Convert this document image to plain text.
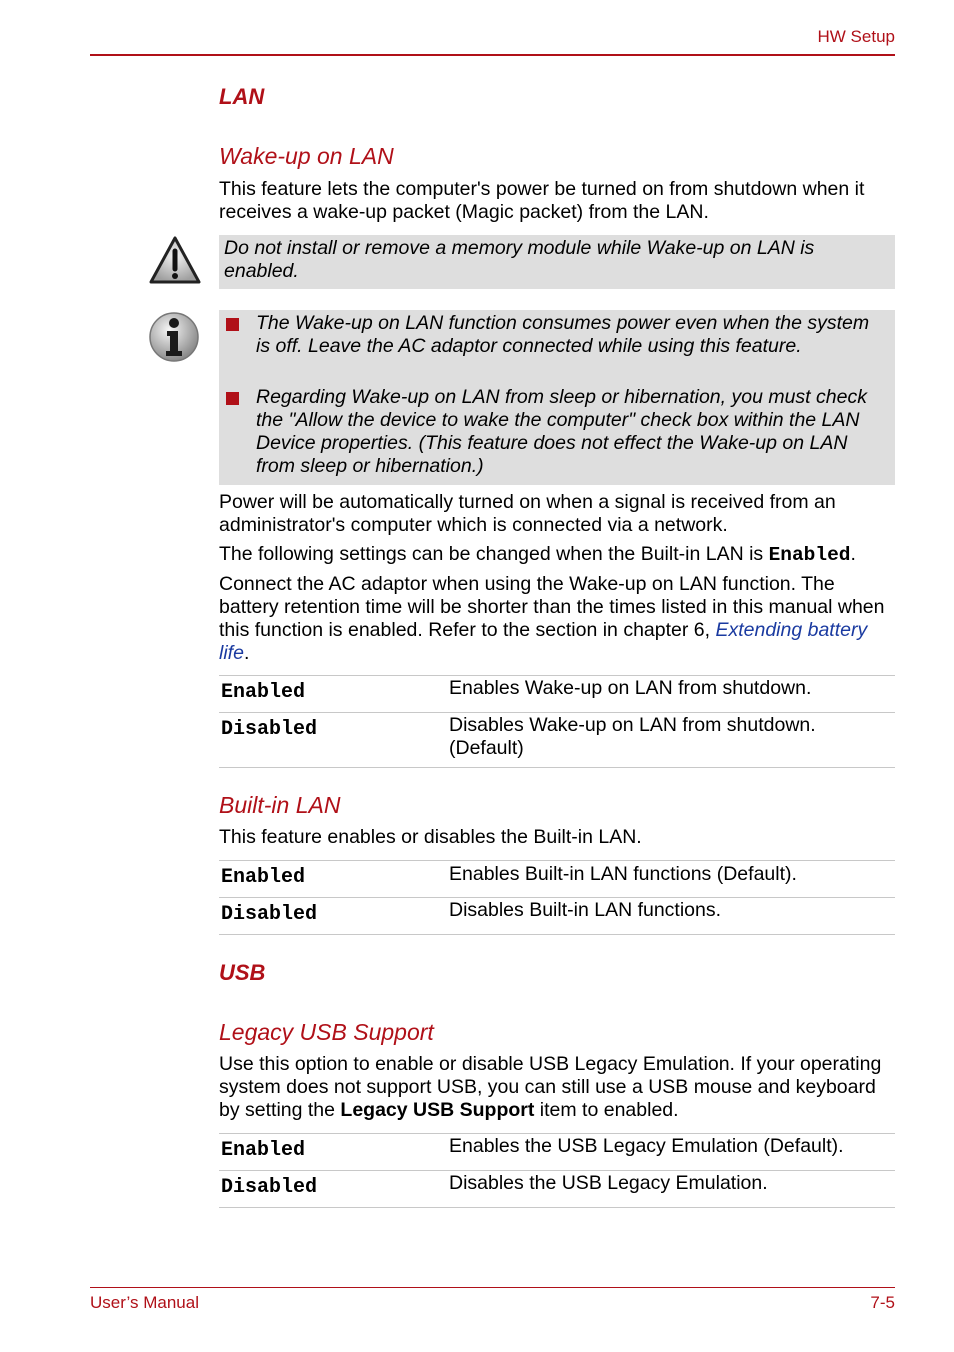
HW Setup
LAN
Wake-up on LAN

This feature lets the computer's power be turned on from shutdown when it receives a wake-up packet (Magic packet) from the LAN.

Do not install or remove a memory module while Wake-up on LAN is enabled.
The Wake-up on LAN function consumes power even when the system is off. Leave the AC adaptor connected while using this feature.
Regarding Wake-up on LAN from sleep or hibernation, you must check the "Allow the device to wake the computer" check box within the LAN Device properties. (This feature does not effect the Wake-up on LAN from sleep or hibernation.)

Power will be automatically turned on when a signal is received from an administrator's computer which is connected via a network.

The following settings can be changed when the Built-in LAN is Enabled.

Connect the AC adaptor when using the Wake-up on LAN function. The battery retention time will be shorter than the times listed in this manual when this function is enabled. Refer to the section in chapter 6, Extending battery life.

Enabled	Enables Wake-up on LAN from shutdown.
Disabled	Disables Wake-up on LAN from shutdown. (Default)
Built-in LAN

This feature enables or disables the Built-in LAN.

Enabled	Enables Built-in LAN functions (Default).
Disabled	Disables Built-in LAN functions.
USB
Legacy USB Support

Use this option to enable or disable USB Legacy Emulation. If your operating system does not support USB, you can still use a USB mouse and keyboard by setting the Legacy USB Support item to enabled.

Enabled	Enables the USB Legacy Emulation (Default).
Disabled	Disables the USB Legacy Emulation.
User’s Manual	7-5
